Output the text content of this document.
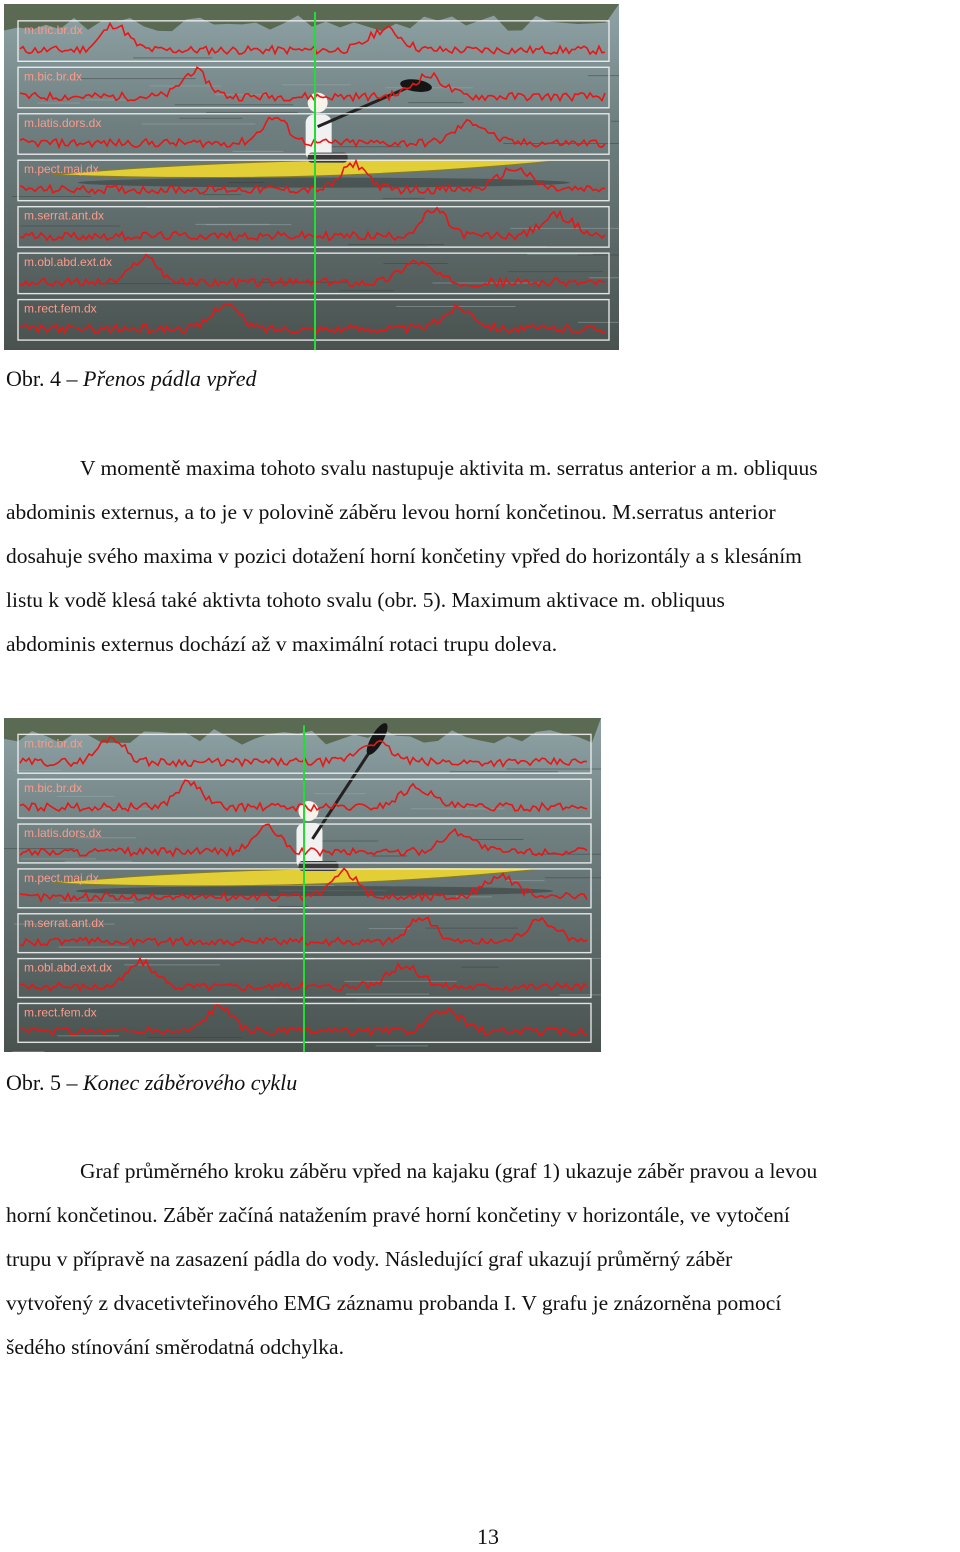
m.tric.br.dx
m.bic.br.dx
m.latis.dors.dx
m.pect.maj.dx
m.serrat.ant.dx
m.obl.abd.ext.dx
m.rect.fem.dx
Obr. 4 – Přenos pádla vpřed
V momentě maxima tohoto svalu nastupuje aktivita m. serratus anterior a m. obliquus
abdominis externus, a to je v polovině záběru levou horní končetinou. M.serratus anterior
dosahuje svého maxima v pozici dotažení horní končetiny vpřed do horizontály a s klesáním
listu k vodě klesá také aktivta tohoto svalu (obr. 5). Maximum aktivace m. obliquus
abdominis externus dochází až v maximální rotaci trupu doleva.
m.tric.br.dx
m.bic.br.dx
m.latis.dors.dx
m.pect.maj.dx
m.serrat.ant.dx
m.obl.abd.ext.dx
m.rect.fem.dx
Obr. 5 – Konec záběrového cyklu
Graf průměrného kroku záběru vpřed na kajaku (graf 1) ukazuje záběr pravou a levou
horní končetinou. Záběr začíná natažením pravé horní končetiny v horizontále, ve vytočení
trupu v přípravě na zasazení pádla do vody. Následující graf ukazují průměrný záběr
vytvořený z dvacetivteřinového EMG záznamu probanda I. V grafu je znázorněna pomocí
šedého stínování směrodatná odchylka.
13
